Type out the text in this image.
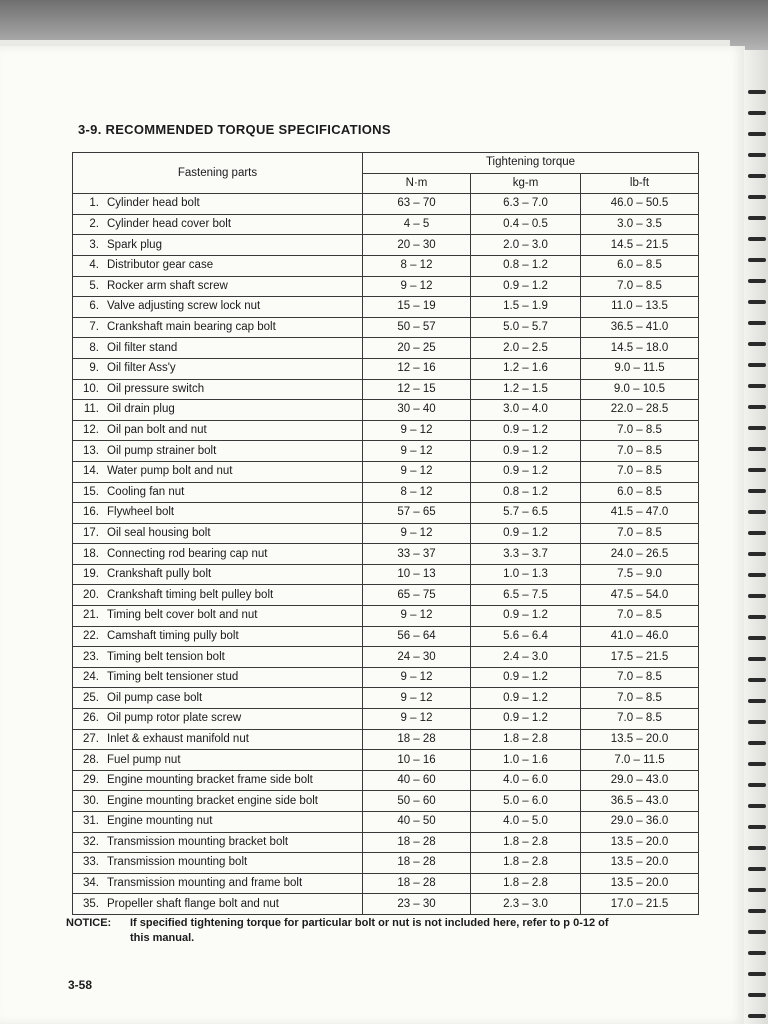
3-9. RECOMMENDED TORQUE SPECIFICATIONS
Fastening parts	Tightening torque		
	N·m	kg-m	lb-ft
1. Cylinder head bolt	63 – 70	6.3 – 7.0	46.0 – 50.5
2. Cylinder head cover bolt	4 – 5	0.4 – 0.5	3.0 – 3.5
3. Spark plug	20 – 30	2.0 – 3.0	14.5 – 21.5
4. Distributor gear case	8 – 12	0.8 – 1.2	6.0 – 8.5
5. Rocker arm shaft screw	9 – 12	0.9 – 1.2	7.0 – 8.5
6. Valve adjusting screw lock nut	15 – 19	1.5 – 1.9	11.0 – 13.5
7. Crankshaft main bearing cap bolt	50 – 57	5.0 – 5.7	36.5 – 41.0
8. Oil filter stand	20 – 25	2.0 – 2.5	14.5 – 18.0
9. Oil filter Ass'y	12 – 16	1.2 – 1.6	9.0 – 11.5
10. Oil pressure switch	12 – 15	1.2 – 1.5	9.0 – 10.5
11. Oil drain plug	30 – 40	3.0 – 4.0	22.0 – 28.5
12. Oil pan bolt and nut	9 – 12	0.9 – 1.2	7.0 – 8.5
13. Oil pump strainer bolt	9 – 12	0.9 – 1.2	7.0 – 8.5
14. Water pump bolt and nut	9 – 12	0.9 – 1.2	7.0 – 8.5
15. Cooling fan nut	8 – 12	0.8 – 1.2	6.0 – 8.5
16. Flywheel bolt	57 – 65	5.7 – 6.5	41.5 – 47.0
17. Oil seal housing bolt	9 – 12	0.9 – 1.2	7.0 – 8.5
18. Connecting rod bearing cap nut	33 – 37	3.3 – 3.7	24.0 – 26.5
19. Crankshaft pully bolt	10 – 13	1.0 – 1.3	7.5 – 9.0
20. Crankshaft timing belt pulley bolt	65 – 75	6.5 – 7.5	47.5 – 54.0
21. Timing belt cover bolt and nut	9 – 12	0.9 – 1.2	7.0 – 8.5
22. Camshaft timing pully bolt	56 – 64	5.6 – 6.4	41.0 – 46.0
23. Timing belt tension bolt	24 – 30	2.4 – 3.0	17.5 – 21.5
24. Timing belt tensioner stud	9 – 12	0.9 – 1.2	7.0 – 8.5
25. Oil pump case bolt	9 – 12	0.9 – 1.2	7.0 – 8.5
26. Oil pump rotor plate screw	9 – 12	0.9 – 1.2	7.0 – 8.5
27. Inlet & exhaust manifold nut	18 – 28	1.8 – 2.8	13.5 – 20.0
28. Fuel pump nut	10 – 16	1.0 – 1.6	7.0 – 11.5
29. Engine mounting bracket frame side bolt	40 – 60	4.0 – 6.0	29.0 – 43.0
30. Engine mounting bracket engine side bolt	50 – 60	5.0 – 6.0	36.5 – 43.0
31. Engine mounting nut	40 – 50	4.0 – 5.0	29.0 – 36.0
32. Transmission mounting bracket bolt	18 – 28	1.8 – 2.8	13.5 – 20.0
33. Transmission mounting bolt	18 – 28	1.8 – 2.8	13.5 – 20.0
34. Transmission mounting and frame bolt	18 – 28	1.8 – 2.8	13.5 – 20.0
35. Propeller shaft flange bolt and nut	23 – 30	2.3 – 3.0	17.0 – 21.5
NOTICE: If specified tightening torque for particular bolt or nut is not included here, refer to p 0-12 of
this manual.
3-58
